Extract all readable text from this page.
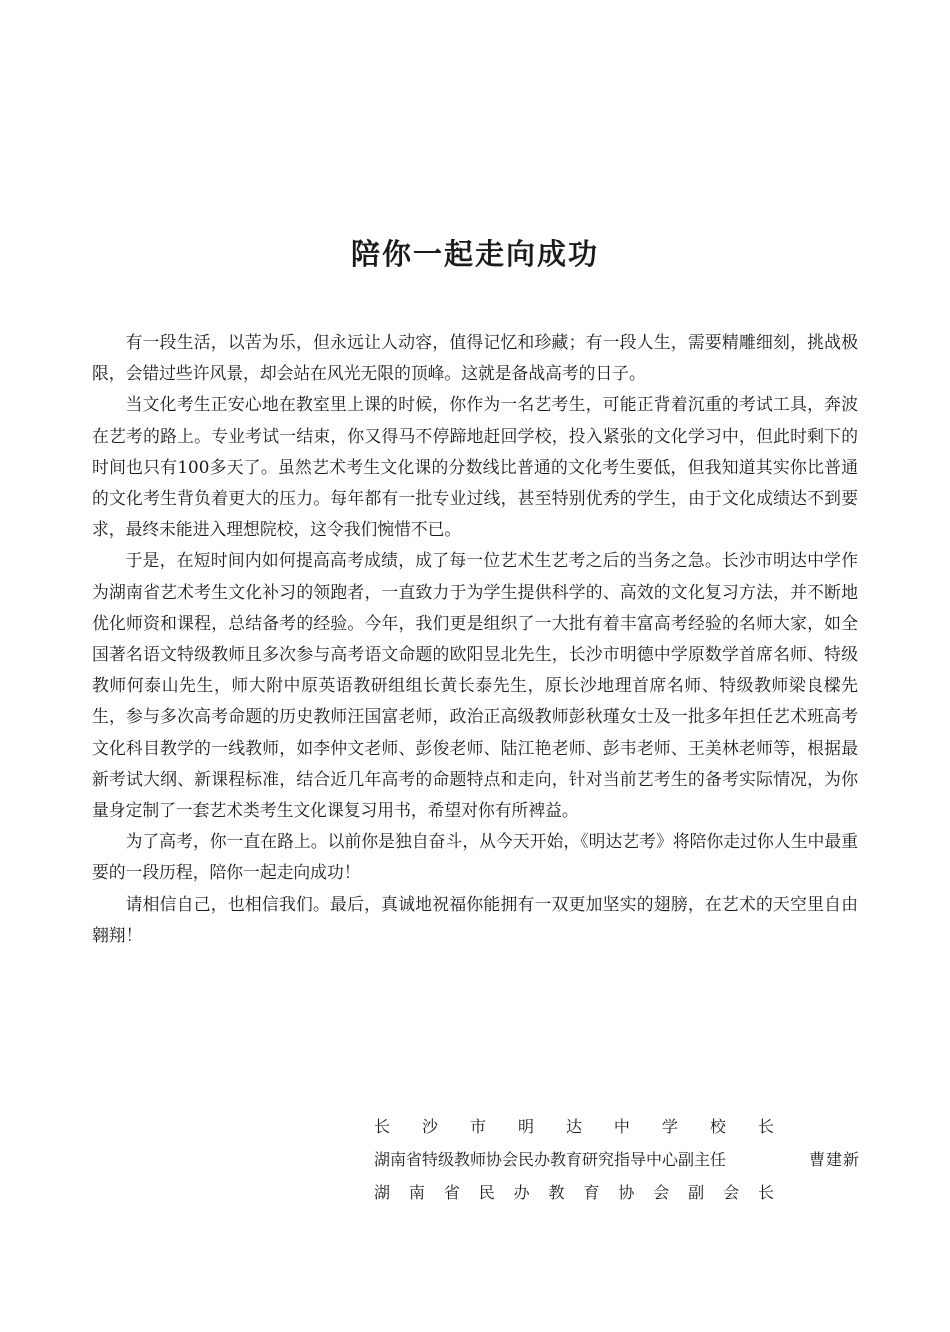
陪你一起走向成功

有一段生活，以苦为乐，但永远让人动容，值得记忆和珍藏；有一段人生，需要精雕细刻，挑战极限，会错过些许风景，却会站在风光无限的顶峰。这就是备战高考的日子。

当文化考生正安心地在教室里上课的时候，你作为一名艺考生，可能正背着沉重的考试工具，奔波在艺考的路上。专业考试一结束，你又得马不停蹄地赶回学校，投入紧张的文化学习中，但此时剩下的时间也只有100多天了。虽然艺术考生文化课的分数线比普通的文化考生要低，但我知道其实你比普通的文化考生背负着更大的压力。每年都有一批专业过线，甚至特别优秀的学生，由于文化成绩达不到要求，最终未能进入理想院校，这令我们惋惜不已。

于是，在短时间内如何提高高考成绩，成了每一位艺术生艺考之后的当务之急。长沙市明达中学作为湖南省艺术考生文化补习的领跑者，一直致力于为学生提供科学的、高效的文化复习方法，并不断地优化师资和课程，总结备考的经验。今年，我们更是组织了一大批有着丰富高考经验的名师大家，如全国著名语文特级教师且多次参与高考语文命题的欧阳昱北先生，长沙市明德中学原数学首席名师、特级教师何泰山先生，师大附中原英语教研组组长黄长泰先生，原长沙地理首席名师、特级教师梁良樑先生，参与多次高考命题的历史教师汪国富老师，政治正高级教师彭秋瑾女士及一批多年担任艺术班高考文化科目教学的一线教师，如李仲文老师、彭俊老师、陆江艳老师、彭韦老师、王美林老师等，根据最新考试大纲、新课程标准，结合近几年高考的命题特点和走向，针对当前艺考生的备考实际情况，为你量身定制了一套艺术类考生文化课复习用书，希望对你有所裨益。

为了高考，你一直在路上。以前你是独自奋斗，从今天开始，《明达艺考》将陪你走过你人生中最重要的一段历程，陪你一起走向成功！

请相信自己，也相信我们。最后，真诚地祝福你能拥有一双更加坚实的翅膀，在艺术的天空里自由翱翔！

长 沙 市 明 达 中 学 校 长
湖南省特级教师协会民办教育研究指导中心副主任	曹建新
湖 南 省 民 办 教 育 协 会 副 会 长
